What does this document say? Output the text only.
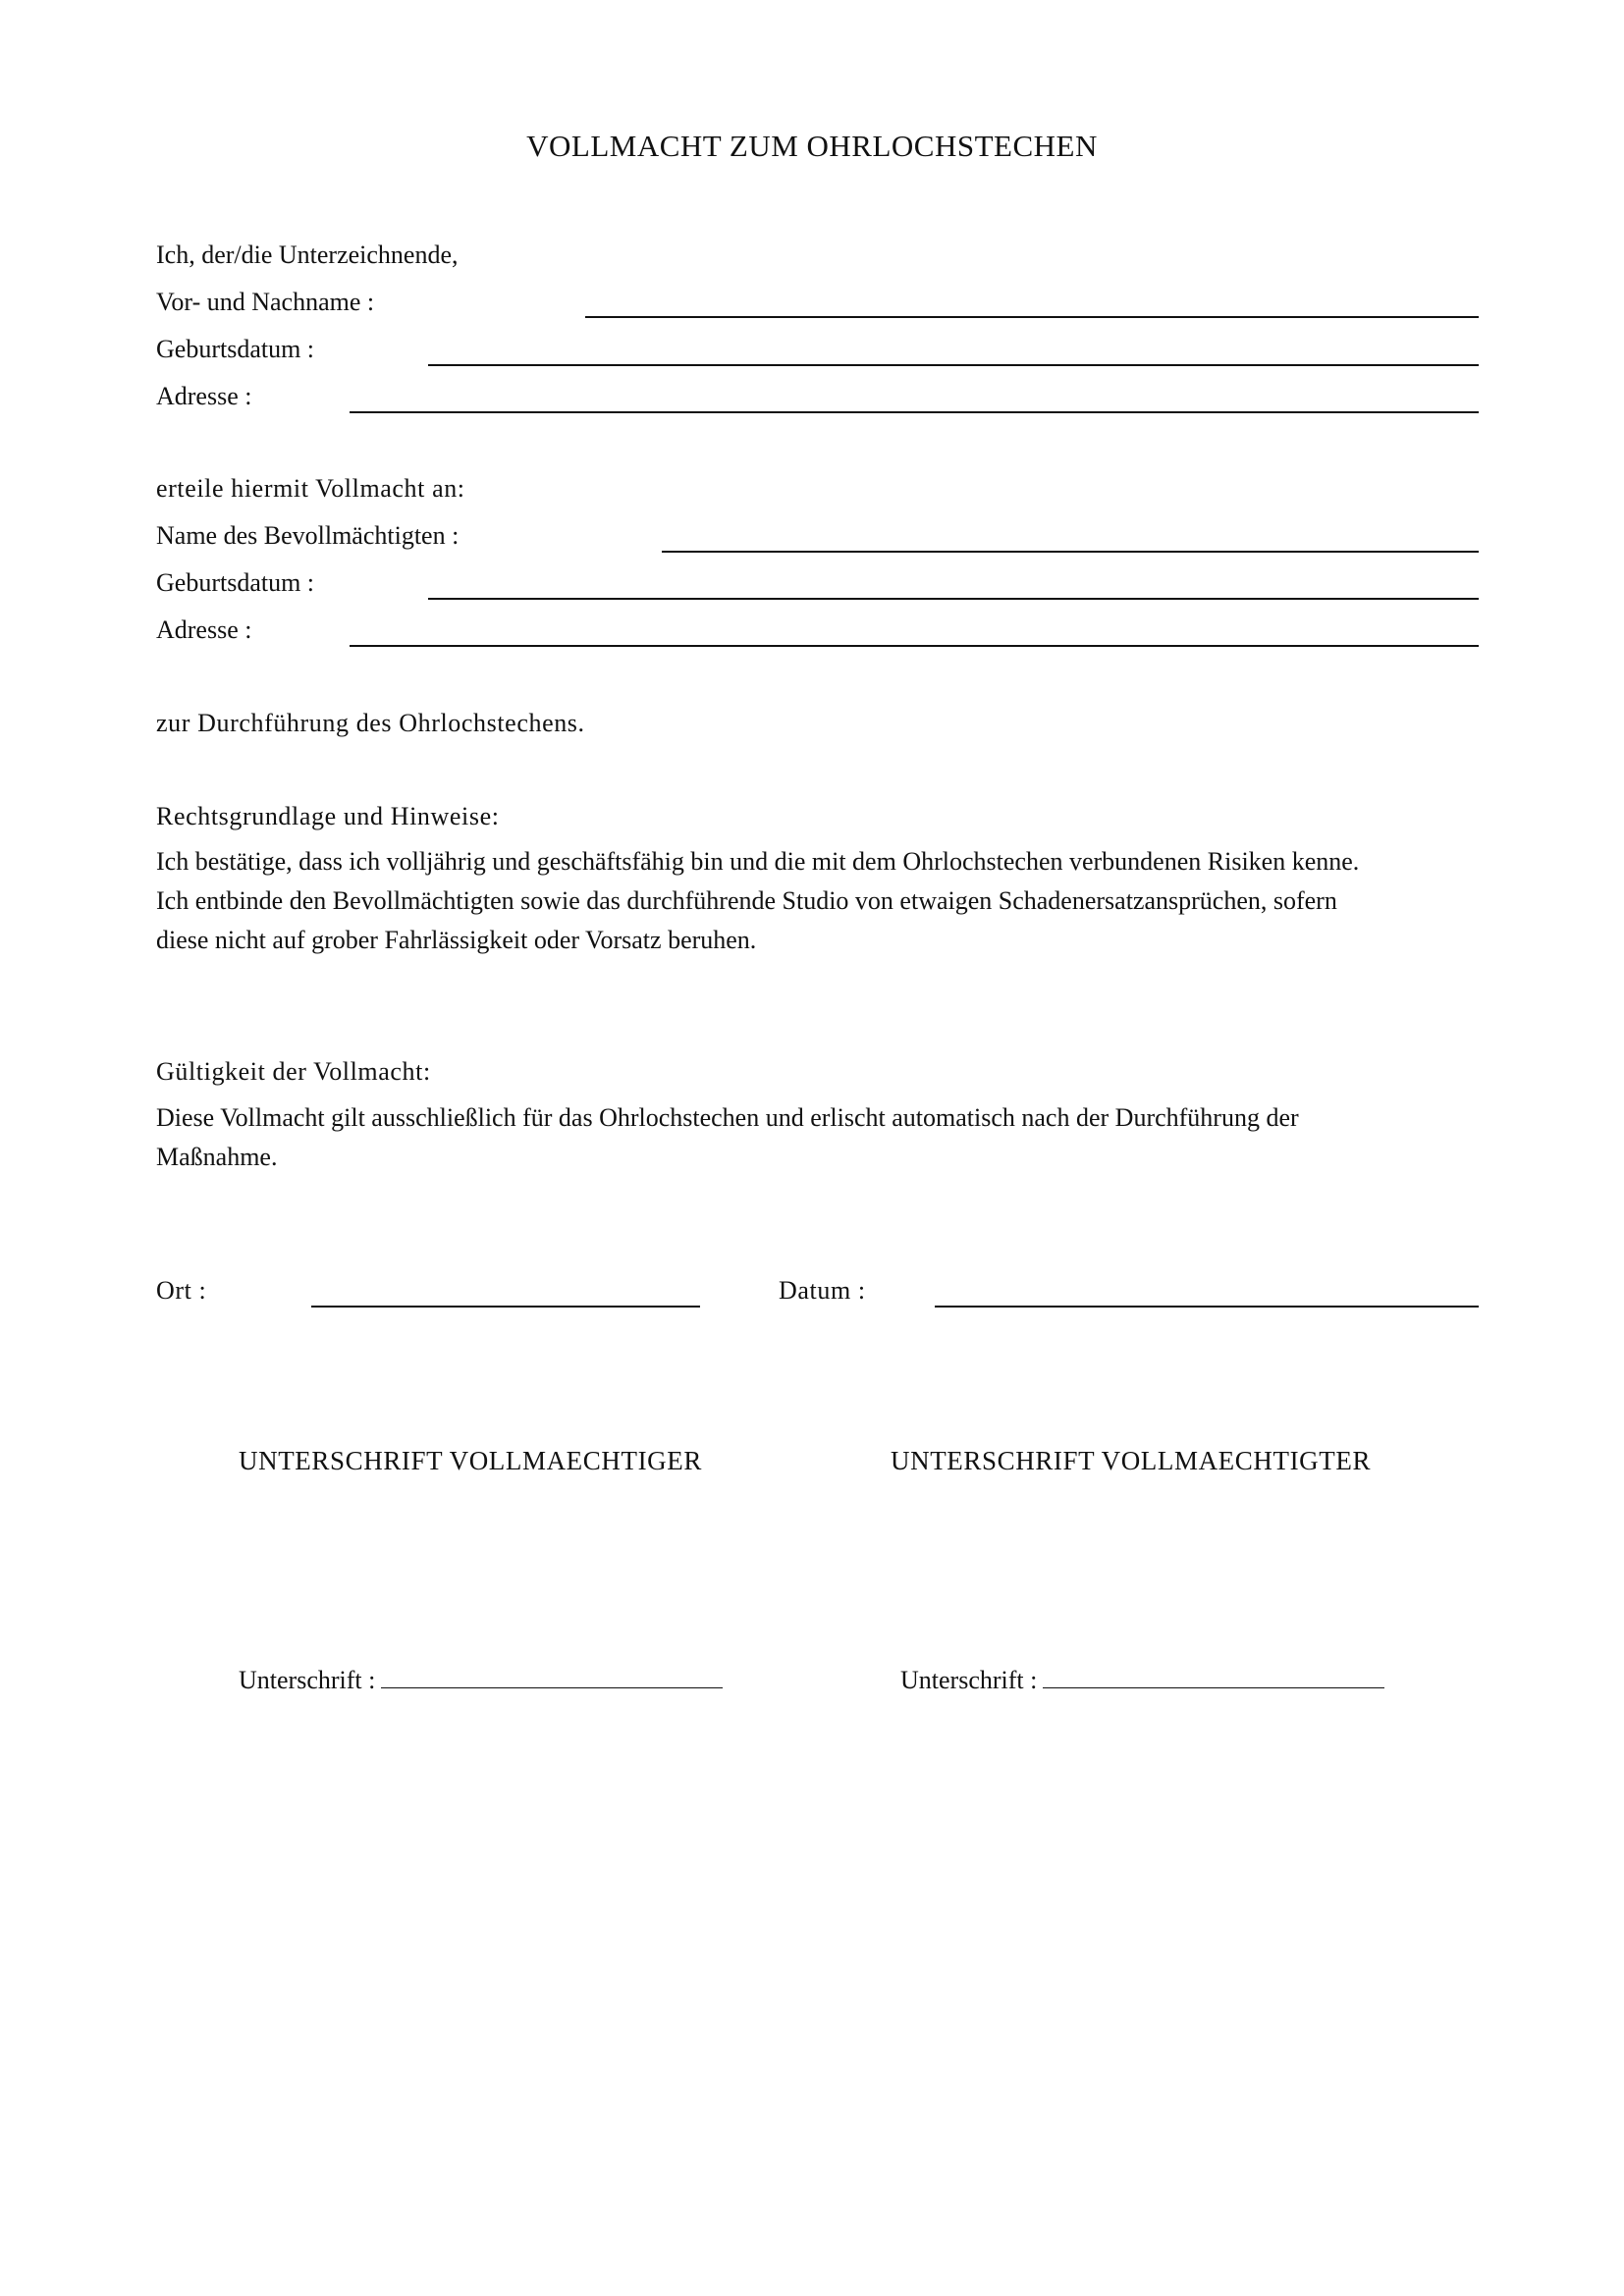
VOLLMACHT ZUM OHRLOCHSTECHEN

Ich, der/die Unterzeichnende,

Vor- und Nachname :

Geburtsdatum :

Adresse :

erteile hiermit Vollmacht an:

Name des Bevollmächtigten :

Geburtsdatum :

Adresse :

zur Durchführung des Ohrlochstechens.

Rechtsgrundlage und Hinweise:

Ich bestätige, dass ich volljährig und geschäftsfähig bin und die mit dem Ohrlochstechen verbundenen Risiken kenne.

Ich entbinde den Bevollmächtigten sowie das durchführende Studio von etwaigen Schadenersatzansprüchen, sofern

diese nicht auf grober Fahrlässigkeit oder Vorsatz beruhen.

Gültigkeit der Vollmacht:

Diese Vollmacht gilt ausschließlich für das Ohrlochstechen und erlischt automatisch nach der Durchführung der

Maßnahme.

Ort :	Datum :

UNTERSCHRIFT VOLLMAECHTIGER	UNTERSCHRIFT VOLLMAECHTIGTER

Unterschrift :	Unterschrift :
